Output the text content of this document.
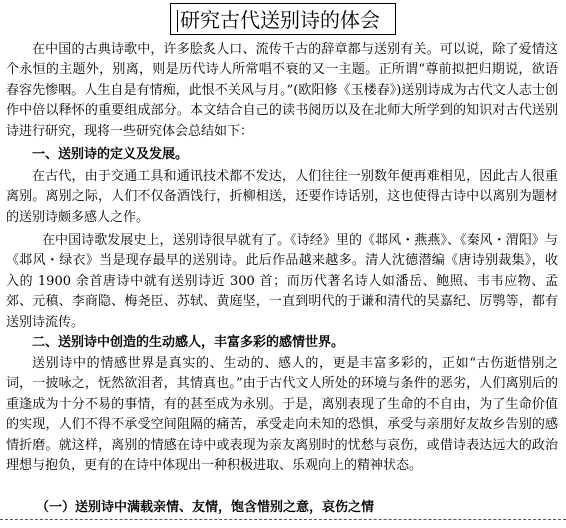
研究古代送别诗的体会

在中国的古典诗歌中，许多脍炙人口、流传千古的辞章都与送别有关。可以说，除了爱情这个永恒的主题外，别离，则是历代诗人所常唱不衰的又一主题。正所谓“尊前拟把归期说，欲语春容先惨咽。人生自是有情痴，此恨不关风与月。”(欧阳修《玉楼春》)送别诗成为古代文人志士创作中倍以释怀的重要组成部分。本文结合自己的读书阅历以及在北师大所学到的知识对古代送别诗进行研究，现将一些研究体会总结如下：

一、送别诗的定义及发展。

在古代，由于交通工具和通讯技术都不发达，人们往往一别数年便再难相见，因此古人很重离别。离别之际，人们不仅备酒饯行，折柳相送，还要作诗话别，这也使得古诗中以离别为题材的送别诗颇多感人之作。

在中国诗歌发展史上，送别诗很早就有了。《诗经》里的《邶风・燕燕》、《秦风・渭阳》与《邶风・绿衣》当是现存最早的送别诗。此后作品越来越多。清人沈德潜编《唐诗别裁集》，收入的 1900 余首唐诗中就有送别诗近 300 首；而历代著名诗人如潘岳、鲍照、韦韦应物、孟郊、元稹、李商隐、梅尧臣、苏轼、黄庭坚，一直到明代的于谦和清代的吴嘉纪、厉鹗等，都有送别诗流传。

二、送别诗中创造的生动感人，丰富多彩的感情世界。

送别诗中的情感世界是真实的、生动的、感人的，更是丰富多彩的，正如“古伤逝惜别之词，一披咏之，怃然欲泪者，其情真也。”由于古代文人所处的环境与条件的恶劣，人们离别后的重逢成为十分不易的事情，有的甚至成为永别。于是，离别表现了生命的不自由，为了生命价值的实现，人们不得不承受空间阻隔的痛苦，承受走向未知的恐惧，承受与亲朋好友故乡告别的感情折磨。就这样，离别的情感在诗中或表现为亲友离别时的忧愁与哀伤，或借诗表达远大的政治理想与抱负，更有的在诗中体现出一种积极进取、乐观向上的精神状态。

（一）送别诗中满载亲情、友情，饱含惜别之意，哀伤之情
